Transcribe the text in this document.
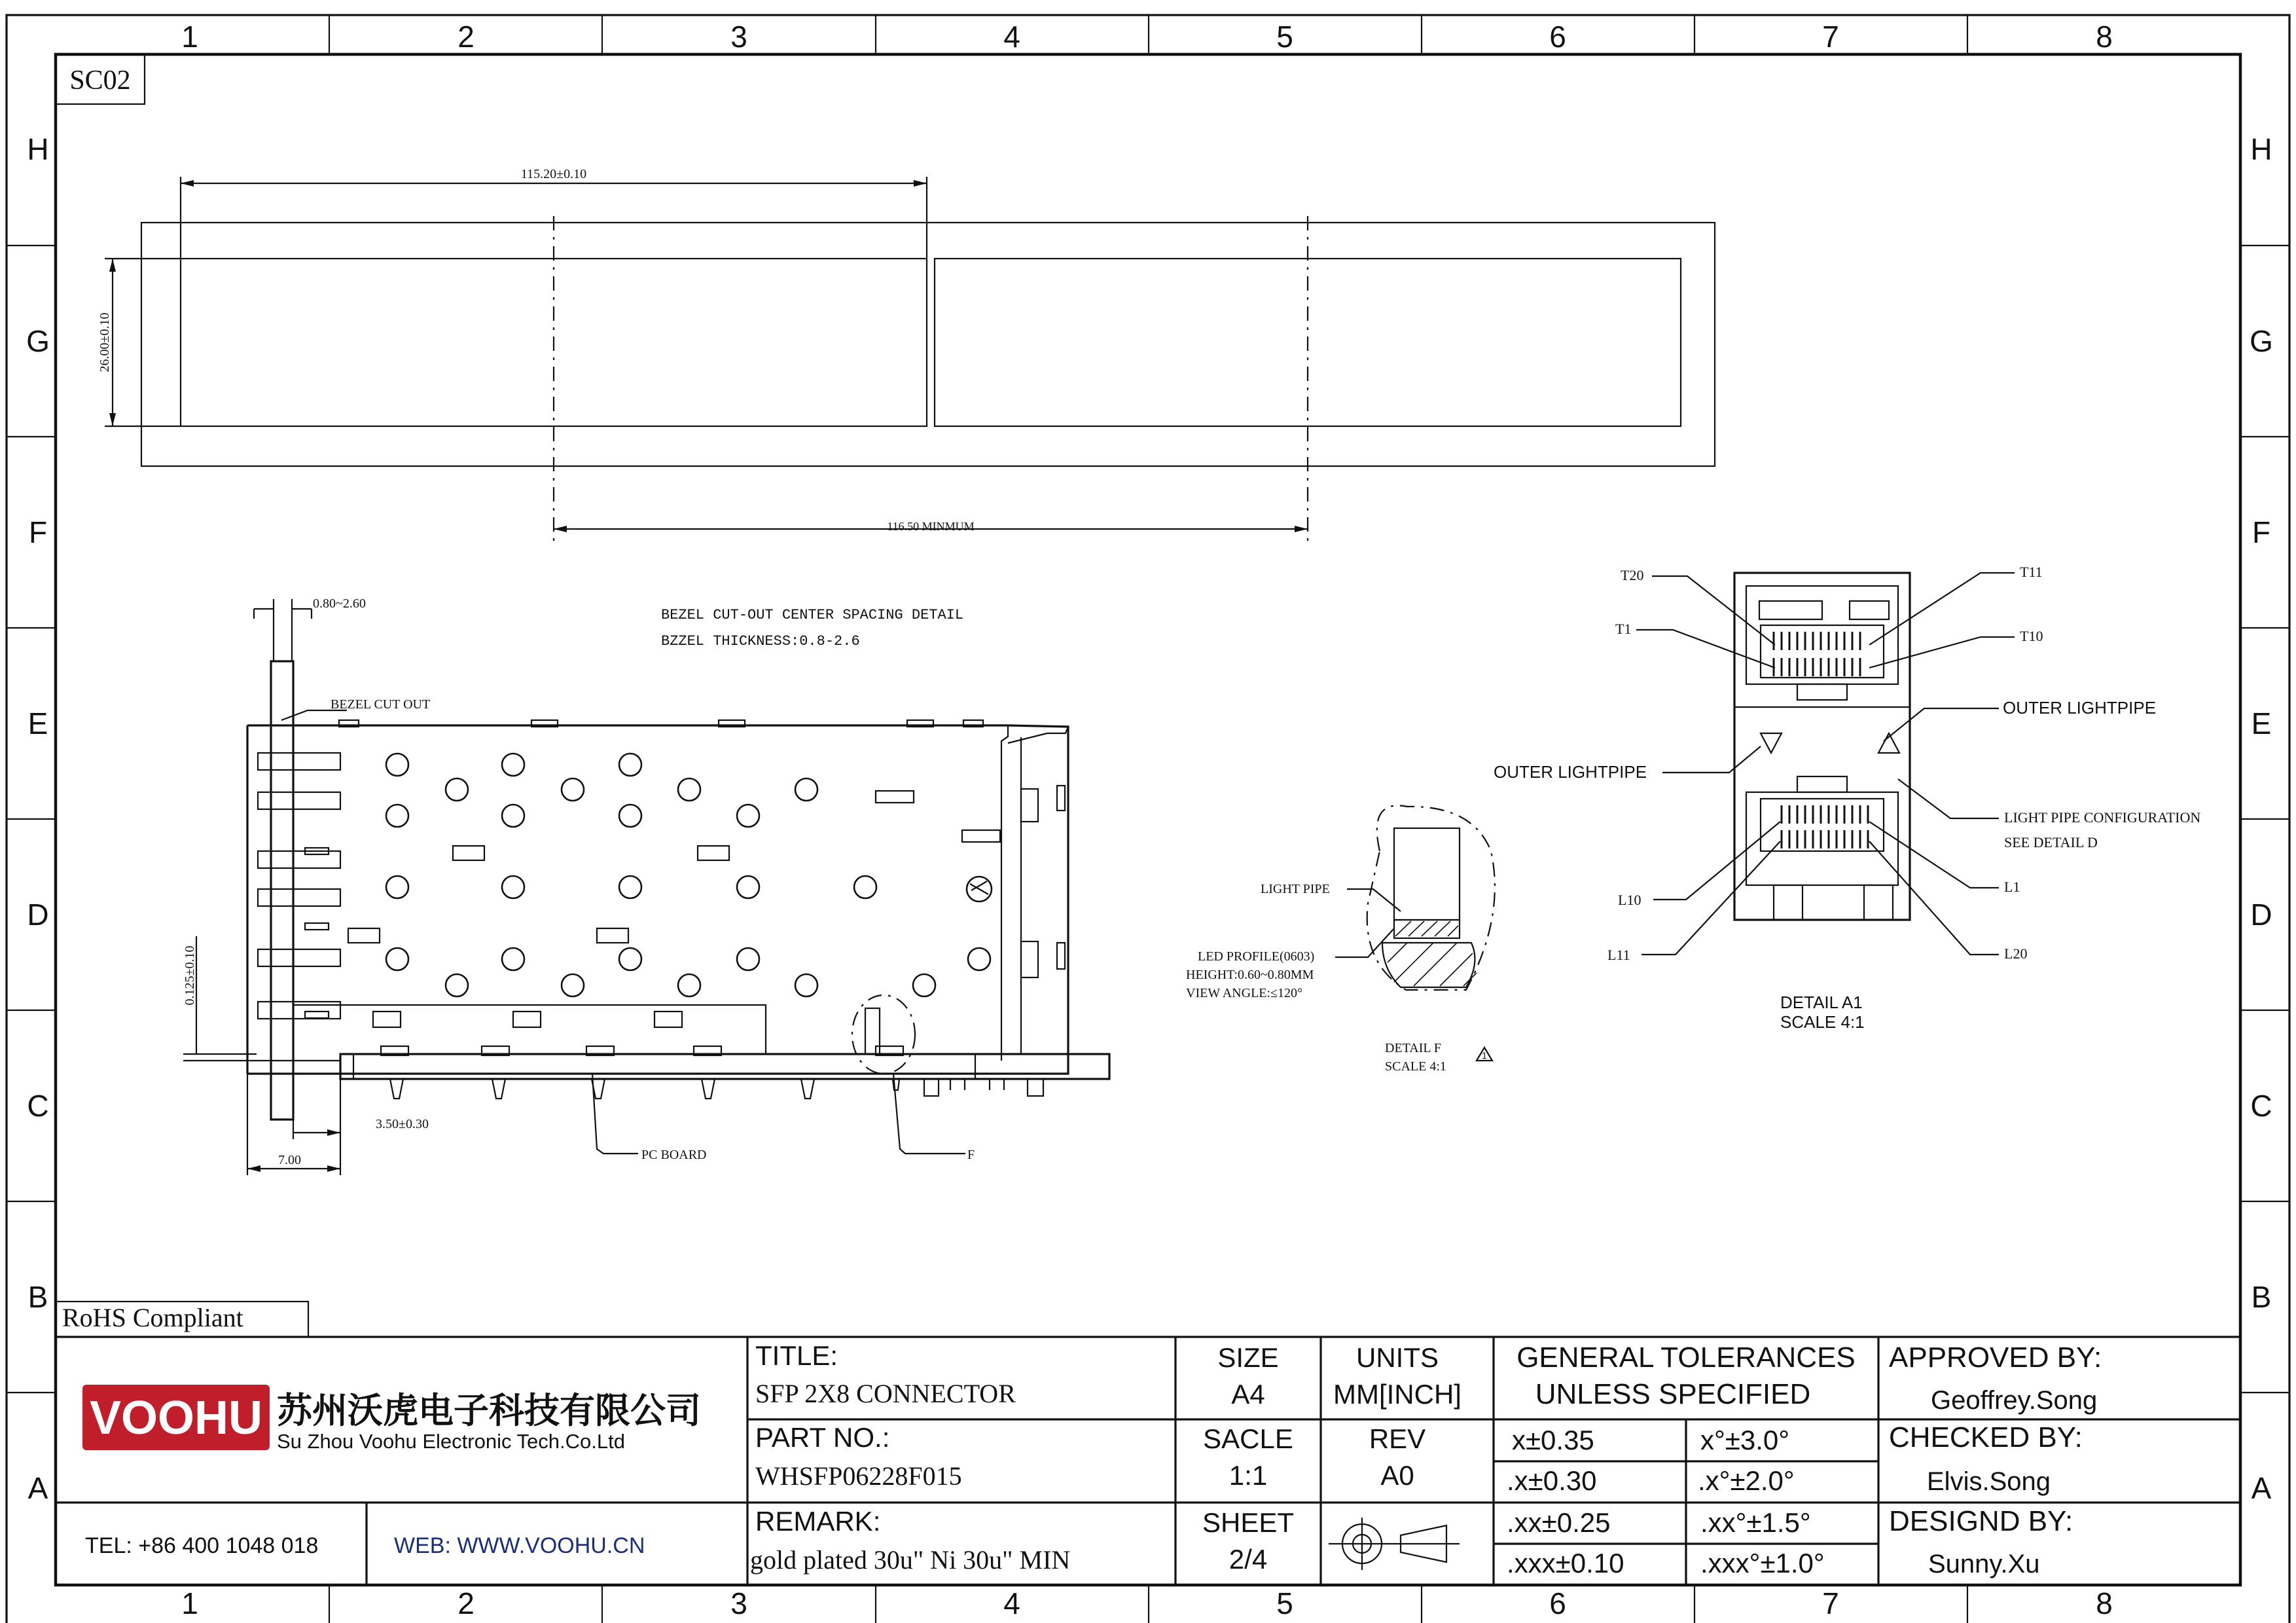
1	2	3	4	5	6	7	8
1	2	3	4	5	6	7	8
H
G
F
E
D
C
B
A
H
G
F
E
D
C
B
A
SC02
115.20±0.10
26.00±0.10
116.50 MINMUM
BEZEL CUT-OUT CENTER SPACING DETAIL
BZZEL THICKNESS:0.8-2.6
0.80~2.60
BEZEL CUT OUT
0.125±0.10
3.50±0.30
7.00	PC BOARD	F
1
LIGHT PIPE
LED PROFILE(0603)
HEIGHT:0.60~0.80MM
VIEW ANGLE:≤120°
DETAIL F
SCALE 4:1
T20
T1
T11
T10
OUTER LIGHTPIPE
OUTER LIGHTPIPE
LIGHT PIPE CONFIGURATION
SEE DETAIL D
L10
L11
L1
L20
DETAIL A1
SCALE 4:1
RoHS Compliant
VOOHU 苏州沃虎电子科技有限公司
Su Zhou Voohu Electronic Tech.Co.Ltd
TEL: +86 400 1048 018	WEB: WWW.VOOHU.CN
TITLE:
SFP 2X8 CONNECTOR
PART NO.:
WHSFP06228F015
REMARK:
gold plated 30u" Ni 30u" MIN
SIZE
A4
SACLE
1:1
SHEET
2/4
UNITS
MM[INCH]
REV
A0
GENERAL TOLERANCES
UNLESS SPECIFIED
x±0.35	x°±3.0°
.x±0.30	.x°±2.0°
.xx±0.25	.xx°±1.5°
.xxx±0.10	.xxx°±1.0°
APPROVED BY:
Geoffrey.Song
CHECKED BY:
Elvis.Song
DESIGND BY:
Sunny.Xu
